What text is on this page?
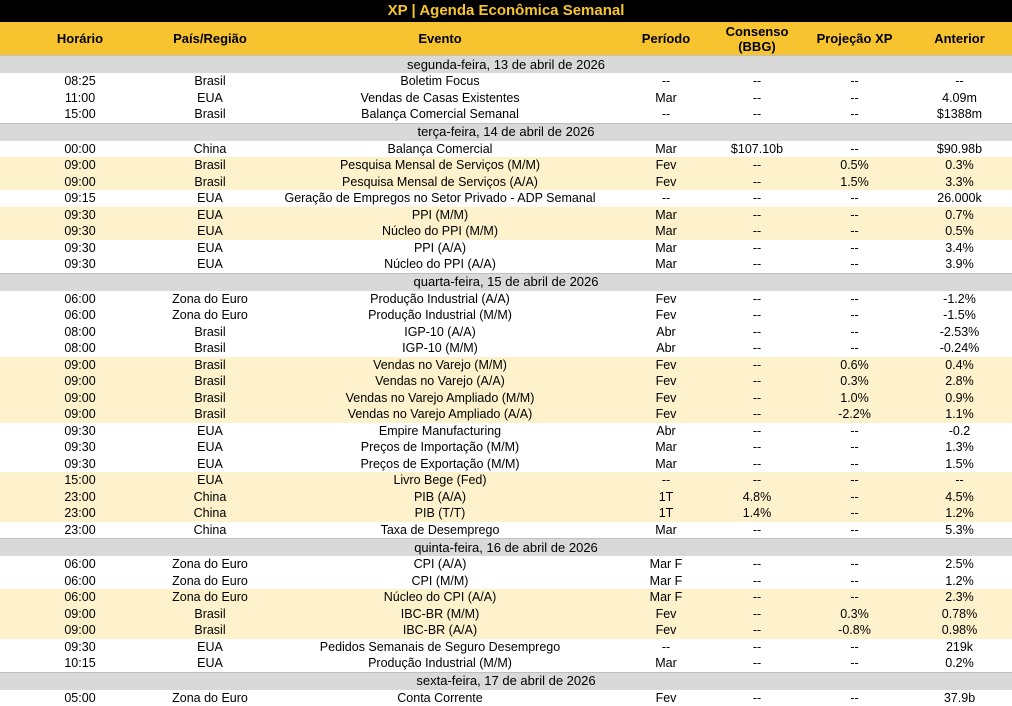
XP | Agenda Econômica Semanal
Horário	País/Região	Evento	Período	Consenso (BBG)	Projeção XP	Anterior
segunda-feira, 13 de abril de 2026						
08:25	Brasil	Boletim Focus	--	--	--	--
11:00	EUA	Vendas de Casas Existentes	Mar	--	--	4.09m
15:00	Brasil	Balança Comercial Semanal	--	--	--	$1388m
terça-feira, 14 de abril de 2026						
00:00	China	Balança Comercial	Mar	$107.10b	--	$90.98b
09:00	Brasil	Pesquisa Mensal de Serviços (M/M)	Fev	--	0.5%	0.3%
09:00	Brasil	Pesquisa Mensal de Serviços (A/A)	Fev	--	1.5%	3.3%
09:15	EUA	Geração de Empregos no Setor Privado - ADP Semanal	--	--	--	26.000k
09:30	EUA	PPI (M/M)	Mar	--	--	0.7%
09:30	EUA	Núcleo do PPI (M/M)	Mar	--	--	0.5%
09:30	EUA	PPI (A/A)	Mar	--	--	3.4%
09:30	EUA	Núcleo do PPI (A/A)	Mar	--	--	3.9%
quarta-feira, 15 de abril de 2026						
06:00	Zona do Euro	Produção Industrial (A/A)	Fev	--	--	-1.2%
06:00	Zona do Euro	Produção Industrial (M/M)	Fev	--	--	-1.5%
08:00	Brasil	IGP-10 (A/A)	Abr	--	--	-2.53%
08:00	Brasil	IGP-10 (M/M)	Abr	--	--	-0.24%
09:00	Brasil	Vendas no Varejo (M/M)	Fev	--	0.6%	0.4%
09:00	Brasil	Vendas no Varejo (A/A)	Fev	--	0.3%	2.8%
09:00	Brasil	Vendas no Varejo Ampliado (M/M)	Fev	--	1.0%	0.9%
09:00	Brasil	Vendas no Varejo Ampliado (A/A)	Fev	--	-2.2%	1.1%
09:30	EUA	Empire Manufacturing	Abr	--	--	-0.2
09:30	EUA	Preços de Importação (M/M)	Mar	--	--	1.3%
09:30	EUA	Preços de Exportação (M/M)	Mar	--	--	1.5%
15:00	EUA	Livro Bege (Fed)	--	--	--	--
23:00	China	PIB (A/A)	1T	4.8%	--	4.5%
23:00	China	PIB (T/T)	1T	1.4%	--	1.2%
23:00	China	Taxa de Desemprego	Mar	--	--	5.3%
quinta-feira, 16 de abril de 2026						
06:00	Zona do Euro	CPI (A/A)	Mar F	--	--	2.5%
06:00	Zona do Euro	CPI (M/M)	Mar F	--	--	1.2%
06:00	Zona do Euro	Núcleo do CPI (A/A)	Mar F	--	--	2.3%
09:00	Brasil	IBC-BR (M/M)	Fev	--	0.3%	0.78%
09:00	Brasil	IBC-BR (A/A)	Fev	--	-0.8%	0.98%
09:30	EUA	Pedidos Semanais de Seguro Desemprego	--	--	--	219k
10:15	EUA	Produção Industrial (M/M)	Mar	--	--	0.2%
sexta-feira, 17 de abril de 2026						
05:00	Zona do Euro	Conta Corrente	Fev	--	--	37.9b
